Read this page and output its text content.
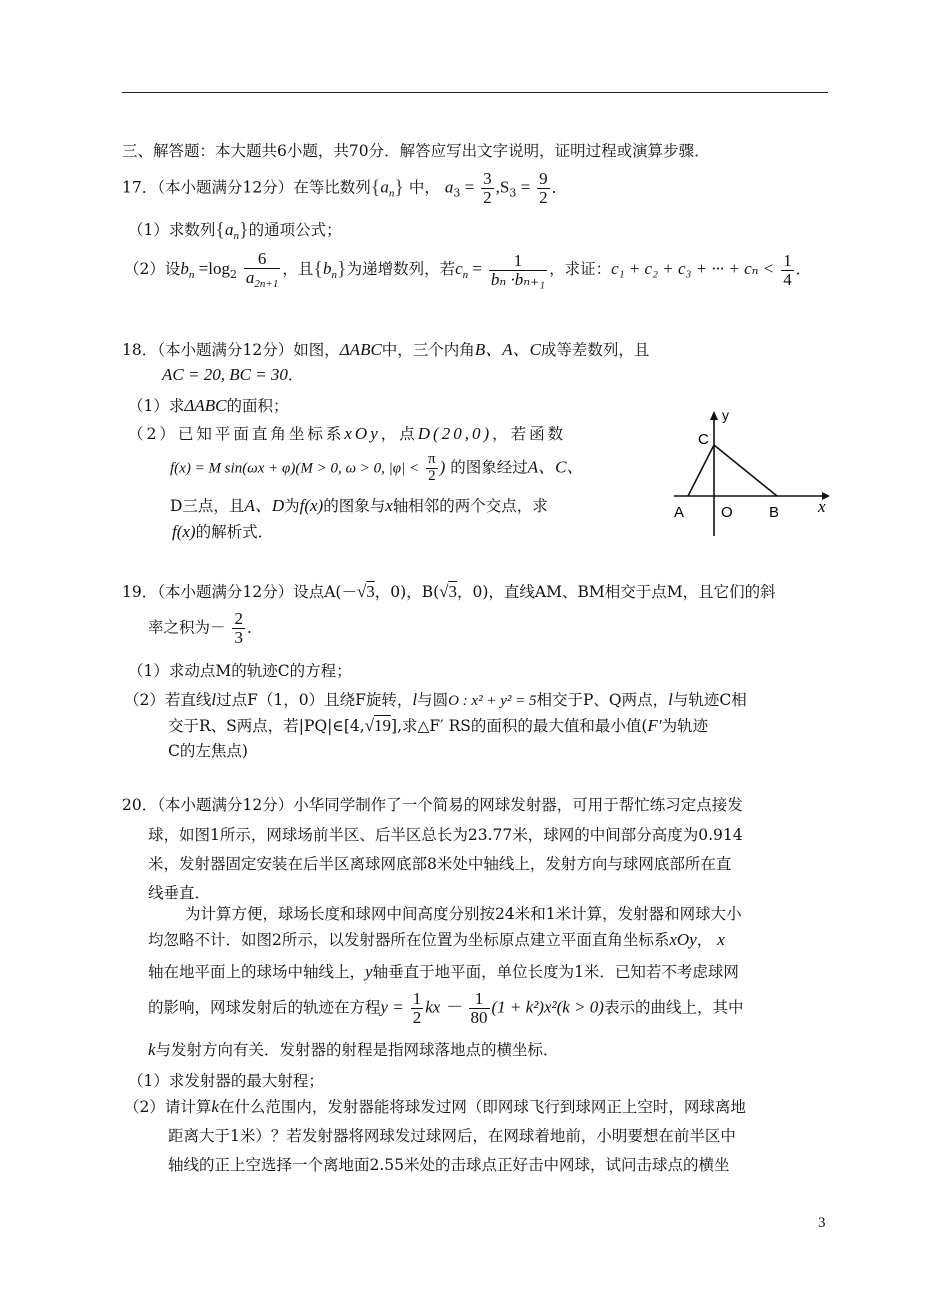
三、解答题：本大题共6小题，共70分．解答应写出文字说明，证明过程或演算步骤．
17．（本小题满分12分）在等比数列$\{a_n\}$ 中， $a_3 = \frac{3}{2} ,S_3 = \frac{9}{2}$ ．
（1）求数列$\{a_n\}$的通项公式；
（2）设$b_n =\log_2 \frac{6}{a_{2n+1}}$ ，且$\{b_n\}$为递增数列，若$c_n = \frac{1}{\text{bₙ ·bₙ₊₁}}$ ，求证：c₁ + c₂ + c₃ + ··· + $c_n < \frac{1}{4}$ ．
18．（本小题满分12分）如图，ΔABC中，三个内角B、A、C成等差数列，且
AC = 20, BC = 30．
（1）求ΔABC的面积；
（2）已知平面直角坐标系xOy，点D(20,0)，若函数
f(x) = M sin(ωx + φ)(M > 0, ω > 0, $|\varphi| < \frac{\pi}{2}$ ) 的图象经过A、C、
D三点，且A、D为f(x)的图象与x轴相邻的两个交点，求
f(x)的解析式．
y
x
C
A O B
19．（本小题满分12分）设点A(－√3，0)，B(√3，0)，直线AM、BM相交于点M，且它们的斜
率之积为－ $\frac{2}{3}$ ．
（1）求动点M的轨迹C的方程；
（2）若直线l过点F（1，0）且绕F旋转，l与圆O : x² + y² = 5相交于P、Q两点，l与轨迹C相
交于R、S两点，若|PQ|∈[4,√19],求△F′ RS的面积的最大值和最小值(F′为轨迹
C的左焦点)
20．（本小题满分12分）小华同学制作了一个简易的网球发射器，可用于帮忙练习定点接发
球，如图1所示，网球场前半区、后半区总长为23.77米，球网的中间部分高度为0.914
米，发射器固定安装在后半区离球网底部8米处中轴线上，发射方向与球网底部所在直
线垂直．
为计算方便，球场长度和球网中间高度分别按24米和1米计算，发射器和网球大小
均忽略不计．如图2所示，以发射器所在位置为坐标原点建立平面直角坐标系xOy， x
轴在地平面上的球场中轴线上，y轴垂直于地平面，单位长度为1米．已知若不考虑球网
的影响，网球发射后的轨迹在方程$y = \frac{1}{2}$ kx － $\frac{1}{80} (1 + k^2)x^2(k > 0)$表示的曲线上，其中
k与发射方向有关．发射器的射程是指网球落地点的横坐标．
（1）求发射器的最大射程；
（2）请计算k在什么范围内，发射器能将球发过网（即网球飞行到球网正上空时，网球离地
距离大于1米）？若发射器将网球发过球网后，在网球着地前，小明要想在前半区中
轴线的正上空选择一个离地面2.55米处的击球点正好击中网球，试问击球点的横坐
3
